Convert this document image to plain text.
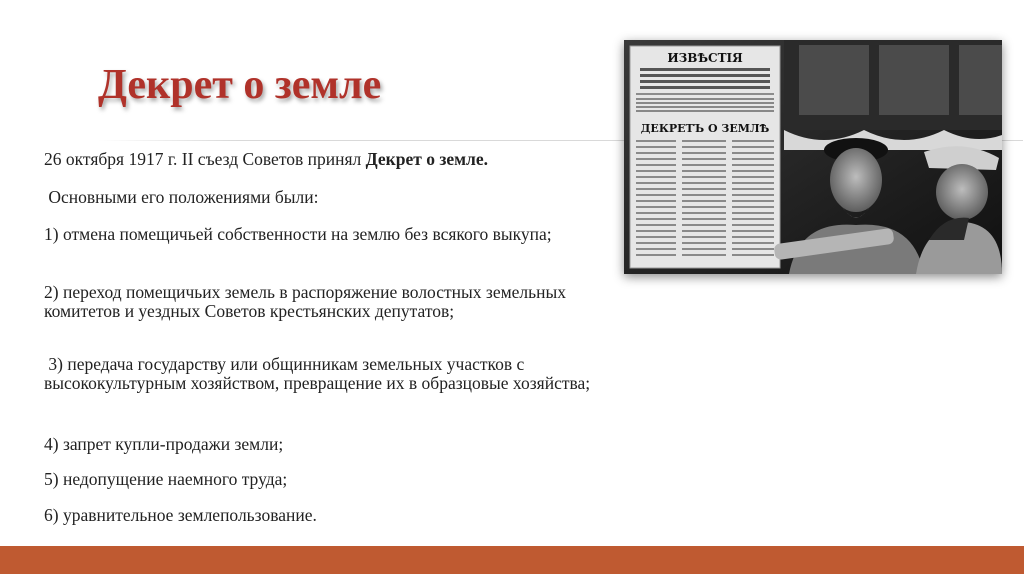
Декрет о земле

26 октября 1917 г. II съезд Советов принял Декрет о земле.

Основными его положениями были:

1) отмена помещичьей собственности на землю без всякого выкупа;

2) переход помещичьих земель в распоряжение волостных земельных комитетов и уездных Советов крестьянских депутатов;

3) передача государству или общинникам земельных участков с высококультурным хозяйством, превращение их в образцовые хозяйства;

4) запрет купли-продажи земли;

5) недопущение наемного труда;

6) уравнительное землепользование.

ИЗВѢСТІЯ
ДЕКРЕТЪ О ЗЕМЛѢ
